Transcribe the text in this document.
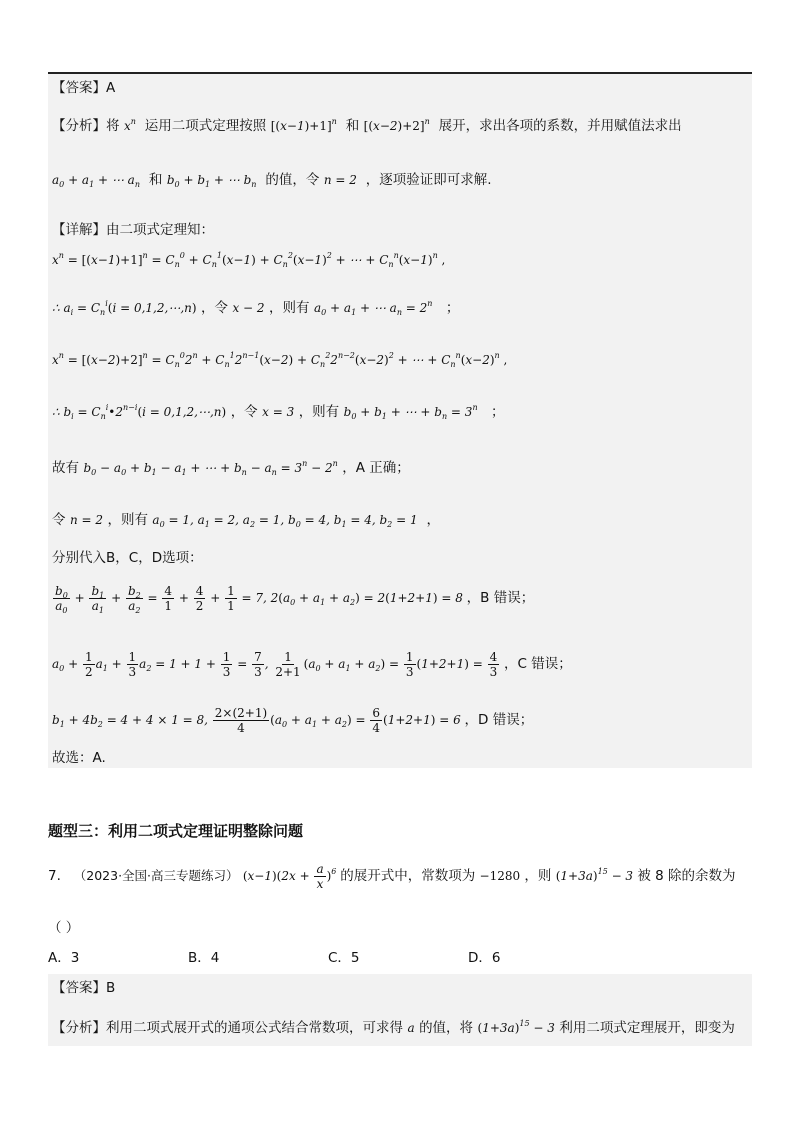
【答案】A
【分析】将 $x^n$ 运用二项式定理按照 $[(x-1)+1]^n$ 和 $[(x-2)+2]^n$ 展开，求出各项的系数，并用赋值法求出
$a_0 + a_1$ + ⋯ $a_n$ 和 $b_0 + b_1$ + ⋯ $b_n$ 的值，令 n = 2 ，逐项验证即可求解.
【详解】由二项式定理知：
$x^n = [(x-1)+1]^n = C_n^0 + C_n^1(x-1) + C_n^2(x-1)^2$ + ⋯ + $C_n^n(x-1)^n$ ,
∴ $a_i = C_n^i(i$ = 0,1,2,⋯,n) ，令 x − 2 ，则有 $a_0 + a_1$ + ⋯ $a_n = 2^n$ ；
$x^n = [(x-2)+2]^n = C_n^02^n + C_n^12^{n-1}(x-2) + C_n^22^{n-2}(x-2)^2$ + ⋯ + $C_n^n(x-2)^n$ ,
∴ $b_i$ = $C_n^i•2^{n-i}(i$ = 0,1,2,⋯,n) ，令 x = 3 ，则有 $b_0 + b_1$ + ⋯ + $b_n = 3^n$ ；
故有 $b_0 - a_0 + b_1 - a_1$ + ⋯ + $b_n - a_n = 3^n - 2^n$ ，A 正确；
令 n = 2 ，则有 $a_0 = 1$, $a_1 = 2$, $a_2 = 1$, $b_0 = 4$, $b_1 = 4$, $b_2 = 1$ ，
分别代入B，C，D选项：
$\frac{b_0}{a_0} + \frac{b_1}{a_1} + \frac{b_2}{a_2} = \frac{4}{1} + \frac{4}{2} + \frac{1}{1} = 7$, $2(a_0 + a_1 + a_2) = 2(1+2+1) = 8$ ，B 错误；
$a_0 + \frac{1}{2} a_1 + \frac{1}{3} a_2 = 1 + 1 + \frac{1}{3} = \frac{7}{3}$ , $\frac{1}{2+1} (a_0 + a_1 + a_2) = \frac{1}{3} (1+2+1) = \frac{4}{3}$ ，C 错误；
$b_1 + 4b_2 = 4 + 4 \times 1 = 8$, $\frac{2\times(2+1)}{4} (a_0 + a_1 + a_2) = \frac{6}{4} (1+2+1) = 6$ ，D 错误；
故选：A.
题型三：利用二项式定理证明整除问题
7. （2023·全国·高三专题练习） $(x-1)(2x + \frac{a}{x} )^6$ 的展开式中，常数项为 −1280 ，则 $(1+3a)^{15} - 3$ 被 8 除的余数为
（ ）
A．3	B．4	C．5	D．6
【答案】B
【分析】利用二项式展开式的通项公式结合常数项，可求得 a 的值，将 $(1+3a)^{15} - 3$ 利用二项式定理展开，即变为
